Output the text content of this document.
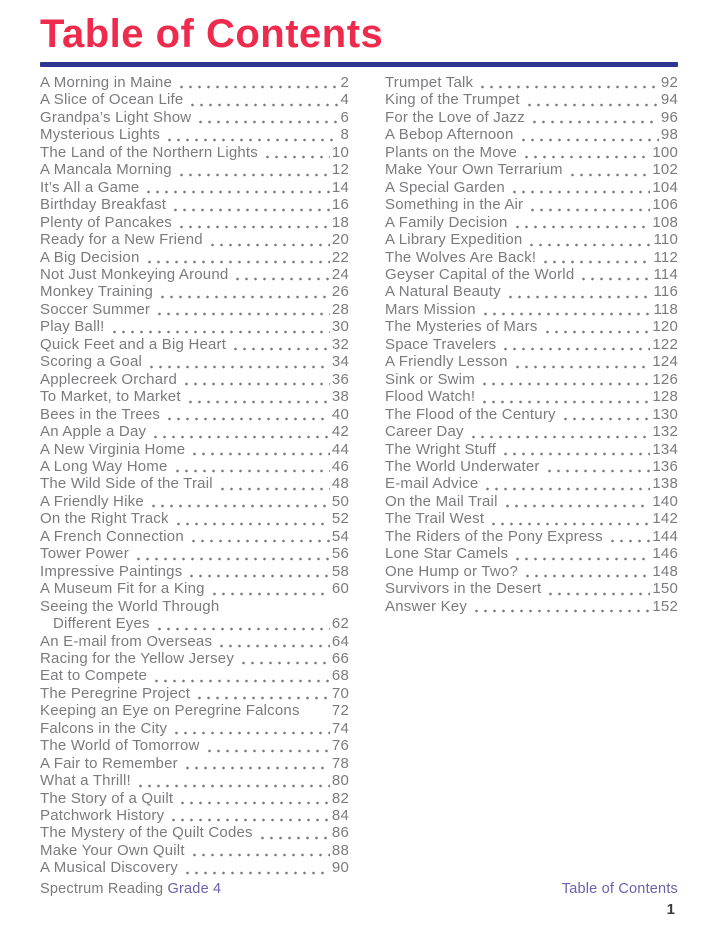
Table of Contents
A Morning in Maine	2
A Slice of Ocean Life	4
Grandpa’s Light Show	6
Mysterious Lights	8
The Land of the Northern Lights	10
A Mancala Morning	12
It’s All a Game	14
Birthday Breakfast	16
Plenty of Pancakes	18
Ready for a New Friend	20
A Big Decision	22
Not Just Monkeying Around	24
Monkey Training	26
Soccer Summer	28
Play Ball!	30
Quick Feet and a Big Heart	32
Scoring a Goal	34
Applecreek Orchard	36
To Market, to Market	38
Bees in the Trees	40
An Apple a Day	42
A New Virginia Home	44
A Long Way Home	46
The Wild Side of the Trail	48
A Friendly Hike	50
On the Right Track	52
A French Connection	54
Tower Power	56
Impressive Paintings	58
A Museum Fit for a King	60
Seeing the World Through
Different Eyes	62
An E-mail from Overseas	64
Racing for the Yellow Jersey	66
Eat to Compete	68
The Peregrine Project	70
Keeping an Eye on Peregrine Falcons 72
Falcons in the City	74
The World of Tomorrow	76
A Fair to Remember	78
What a Thrill!	80
The Story of a Quilt	82
Patchwork History	84
The Mystery of the Quilt Codes	86
Make Your Own Quilt	88
A Musical Discovery	90
Trumpet Talk	92
King of the Trumpet	94
For the Love of Jazz	96
A Bebop Afternoon	98
Plants on the Move	100
Make Your Own Terrarium	102
A Special Garden	104
Something in the Air	106
A Family Decision	108
A Library Expedition	110
The Wolves Are Back!	112
Geyser Capital of the World	114
A Natural Beauty	116
Mars Mission	118
The Mysteries of Mars	120
Space Travelers	122
A Friendly Lesson	124
Sink or Swim	126
Flood Watch!	128
The Flood of the Century	130
Career Day	132
The Wright Stuff	134
The World Underwater	136
E-mail Advice	138
On the Mail Trail	140
The Trail West	142
The Riders of the Pony Express	144
Lone Star Camels	146
One Hump or Two?	148
Survivors in the Desert	150
Answer Key	152
Spectrum Reading Grade 4	Table of Contents
1
